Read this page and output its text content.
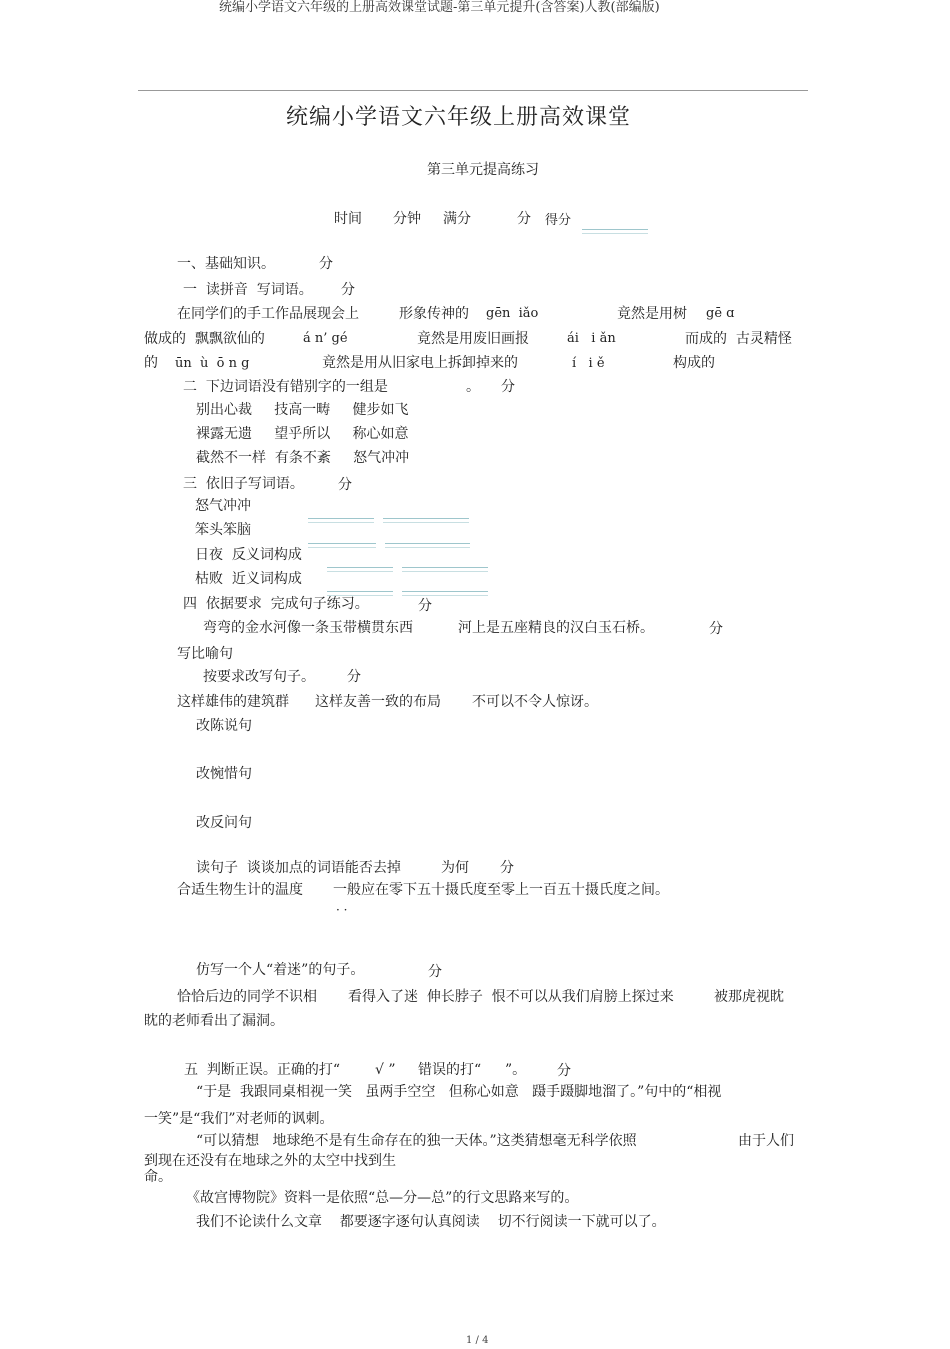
统编小学语文六年级的上册高效课堂试题-第三单元提升(含答案)人教(部编版)
统编小学语文六年级上册高效课堂
第三单元提高练习
时间 分钟 满分	分 得分
一、基础知识。	分
一  读拼音  写词语。 分
在同学们的手工作品展现会上	形象传神的 gēn  iǎo	竟然是用树 gē ɑ
做成的  飘飘欲仙的	á n’ gé	竟然是用废旧画报	ái   i ǎn	而成的  古灵精怪
的 ūn  ù  ō n g	竟然是用从旧家电上拆卸掉来的	í   i ě	构成的
二  下边词语没有错别字的一组是	。 分
别出心裁     技高一畴     健步如飞
裸露无遗     望乎所以     称心如意
截然不一样  有条不紊     怒气冲冲
三  依旧子写词语。 分
怒气冲冲
笨头笨脑
日夜  反义词构成
枯败  近义词构成
四  依据要求  完成句子练习。	分
弯弯的金水河像一条玉带横贯东西	河上是五座精良的汉白玉石桥。	分
写比喻句
按要求改写句子。 分
这样雄伟的建筑群 这样友善一致的布局 不可以不令人惊讶。
改陈说句
改惋惜句
改反问句
读句子  谈谈加点的词语能否去掉	为何 分
合适生物生计的温度 一般应在零下五十摄氏度至零上一百五十摄氏度之间。
· ·
仿写一个人“着迷”的句子。	分
恰恰后边的同学不识相 看得入了迷  伸长脖子  恨不可以从我们肩膀上探过来	被那虎视眈
眈的老师看出了漏洞。
五  判断正误。正确的打“ √ ” 错误的打“ ”。 分
“于是  我跟同桌相视一笑   虽两手空空   但称心如意   蹑手蹑脚地溜了。”句中的“相视
一笑”是“我们”对老师的讽刺。
“可以猜想   地球绝不是有生命存在的独一天体。”这类猜想毫无科学依照	由于人们
到现在还没有在地球之外的太空中找到生
命。
《故宫博物院》资料一是依照“总—分—总”的行文思路来写的。
我们不论读什么文章    都要逐字逐句认真阅读    切不行阅读一下就可以了。
1 / 4
